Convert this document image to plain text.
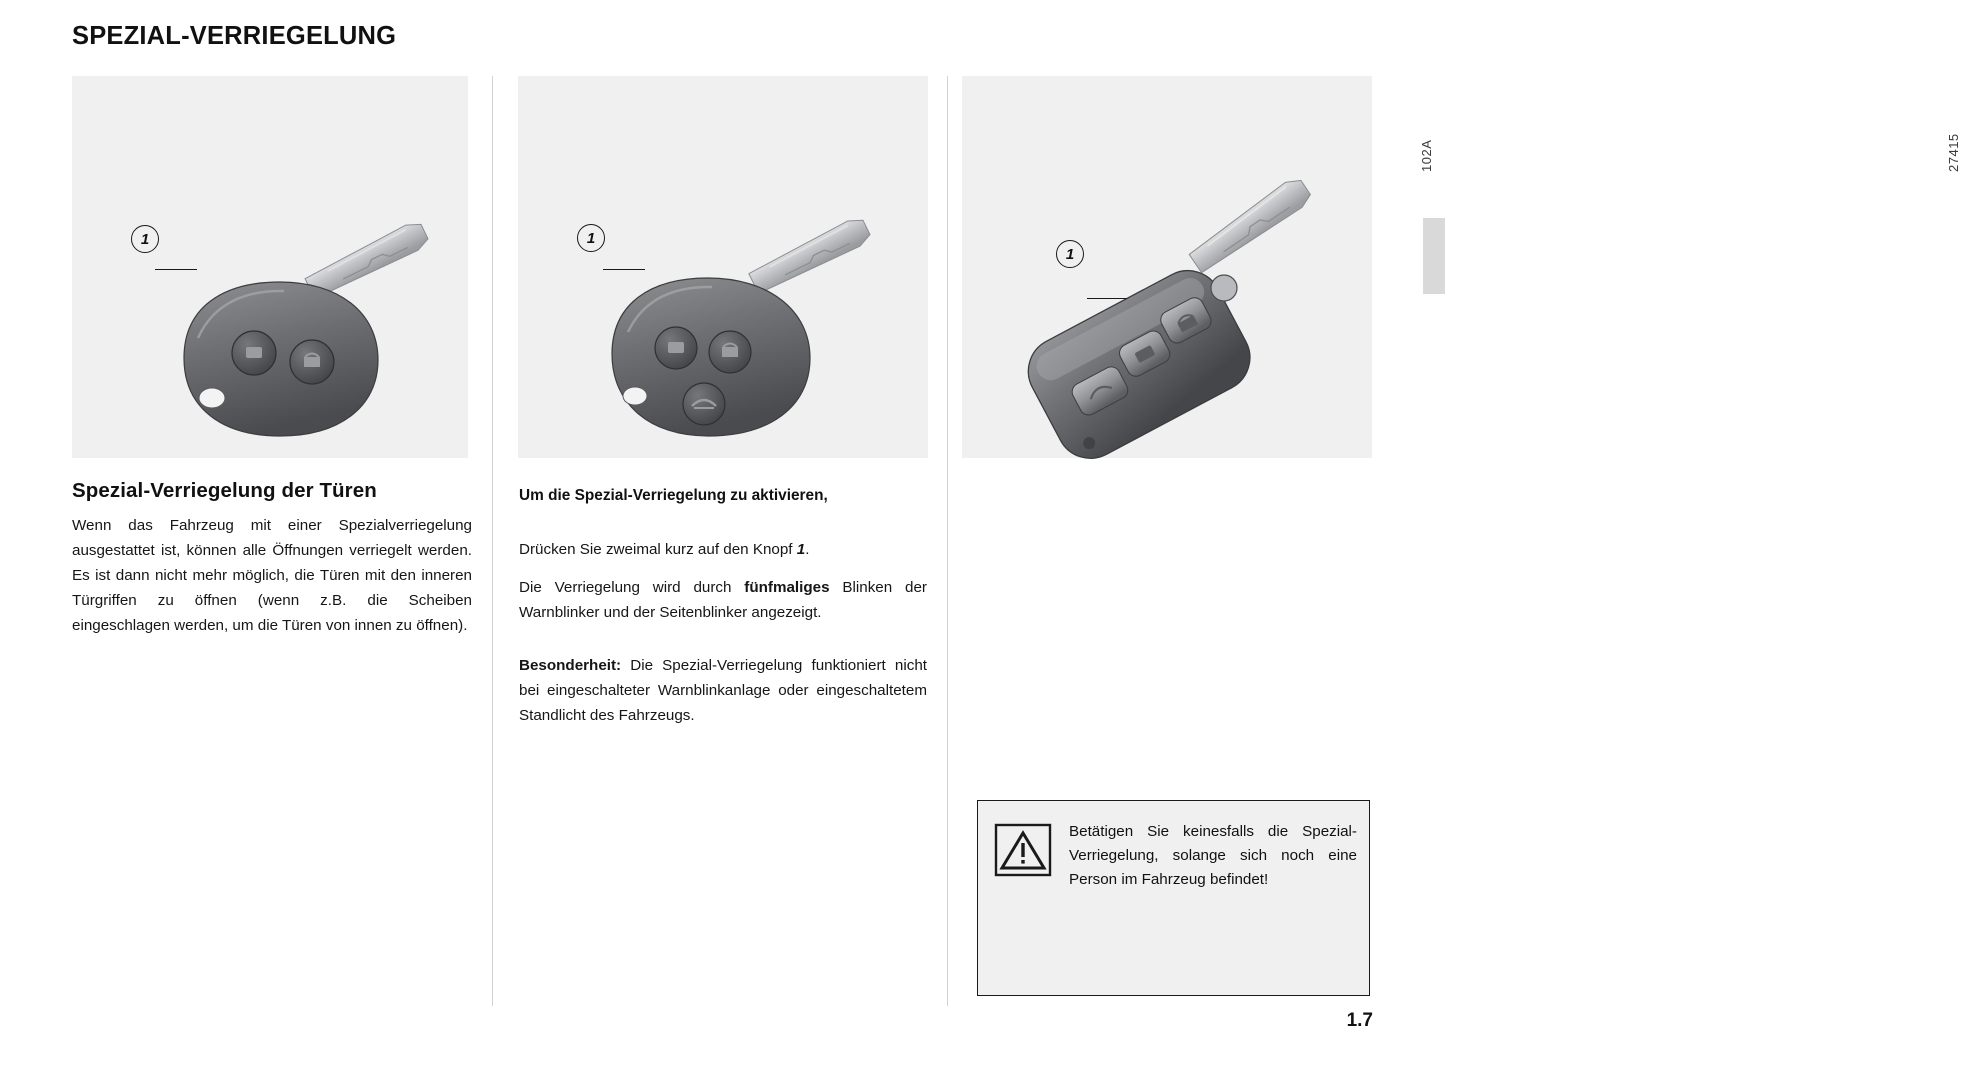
SPEZIAL-VERRIEGELUNG
1
102A
1
27415
1
Spezial-Verriegelung der Türen
Wenn das Fahrzeug mit einer Spezialverriegelung ausgestattet ist, können alle Öffnungen verriegelt werden. Es ist dann nicht mehr möglich, die Türen mit den inneren Türgriffen zu öffnen (wenn z.B. die Scheiben eingeschlagen werden, um die Türen von innen zu öffnen).
Um die Spezial-Verriegelung zu aktivieren,
Drücken Sie zweimal kurz auf den Knopf 1.
Die Verriegelung wird durch fünfmaliges Blinken der Warnblinker und der Seitenblinker angezeigt.
Besonderheit: Die Spezial-Verriegelung funktioniert nicht bei eingeschalteter Warnblinkanlage oder eingeschaltetem Standlicht des Fahrzeugs.
Betätigen Sie keinesfalls die Spezial-Verriegelung, solange sich noch eine Person im Fahrzeug befindet!
1.7
